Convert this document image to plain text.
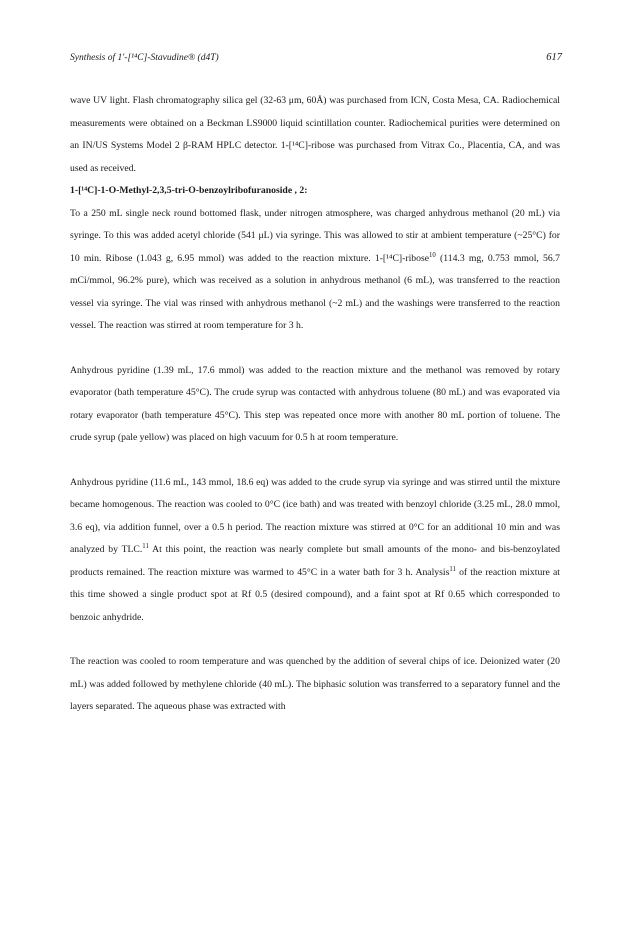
Synthesis of 1'-[¹⁴C]-Stavudine® (d4T)	617

wave UV light. Flash chromatography silica gel (32-63 μm, 60Å) was purchased from ICN, Costa Mesa, CA. Radiochemical measurements were obtained on a Beckman LS9000 liquid scintillation counter. Radiochemical purities were determined on an IN/US Systems Model 2 β-RAM HPLC detector. 1-[¹⁴C]-ribose was purchased from Vitrax Co., Placentia, CA, and was used as received.

1-[¹⁴C]-1-O-Methyl-2,3,5-tri-O-benzoylribofuranoside , 2:

To a 250 mL single neck round bottomed flask, under nitrogen atmosphere, was charged anhydrous methanol (20 mL) via syringe. To this was added acetyl chloride (541 μL) via syringe. This was allowed to stir at ambient temperature (~25°C) for 10 min. Ribose (1.043 g, 6.95 mmol) was added to the reaction mixture. 1-[¹⁴C]-ribose$^{10}$ (114.3 mg, 0.753 mmol, 56.7 mCi/mmol, 96.2% pure), which was received as a solution in anhydrous methanol (6 mL), was transferred to the reaction vessel via syringe. The vial was rinsed with anhydrous methanol (~2 mL) and the washings were transferred to the reaction vessel. The reaction was stirred at room temperature for 3 h.

Anhydrous pyridine (1.39 mL, 17.6 mmol) was added to the reaction mixture and the methanol was removed by rotary evaporator (bath temperature 45°C). The crude syrup was contacted with anhydrous toluene (80 mL) and was evaporated via rotary evaporator (bath temperature 45°C). This step was repeated once more with another 80 mL portion of toluene. The crude syrup (pale yellow) was placed on high vacuum for 0.5 h at room temperature.

Anhydrous pyridine (11.6 mL, 143 mmol, 18.6 eq) was added to the crude syrup via syringe and was stirred until the mixture became homogenous. The reaction was cooled to 0°C (ice bath) and was treated with benzoyl chloride (3.25 mL, 28.0 mmol, 3.6 eq), via addition funnel, over a 0.5 h period. The reaction mixture was stirred at 0°C for an additional 10 min and was analyzed by TLC.$^{11}$ At this point, the reaction was nearly complete but small amounts of the mono- and bis-benzoylated products remained. The reaction mixture was warmed to 45°C in a water bath for 3 h. Analysis$^{11}$ of the reaction mixture at this time showed a single product spot at Rf 0.5 (desired compound), and a faint spot at Rf 0.65 which corresponded to benzoic anhydride.

The reaction was cooled to room temperature and was quenched by the addition of several chips of ice. Deionized water (20 mL) was added followed by methylene chloride (40 mL). The biphasic solution was transferred to a separatory funnel and the layers separated. The aqueous phase was extracted with
